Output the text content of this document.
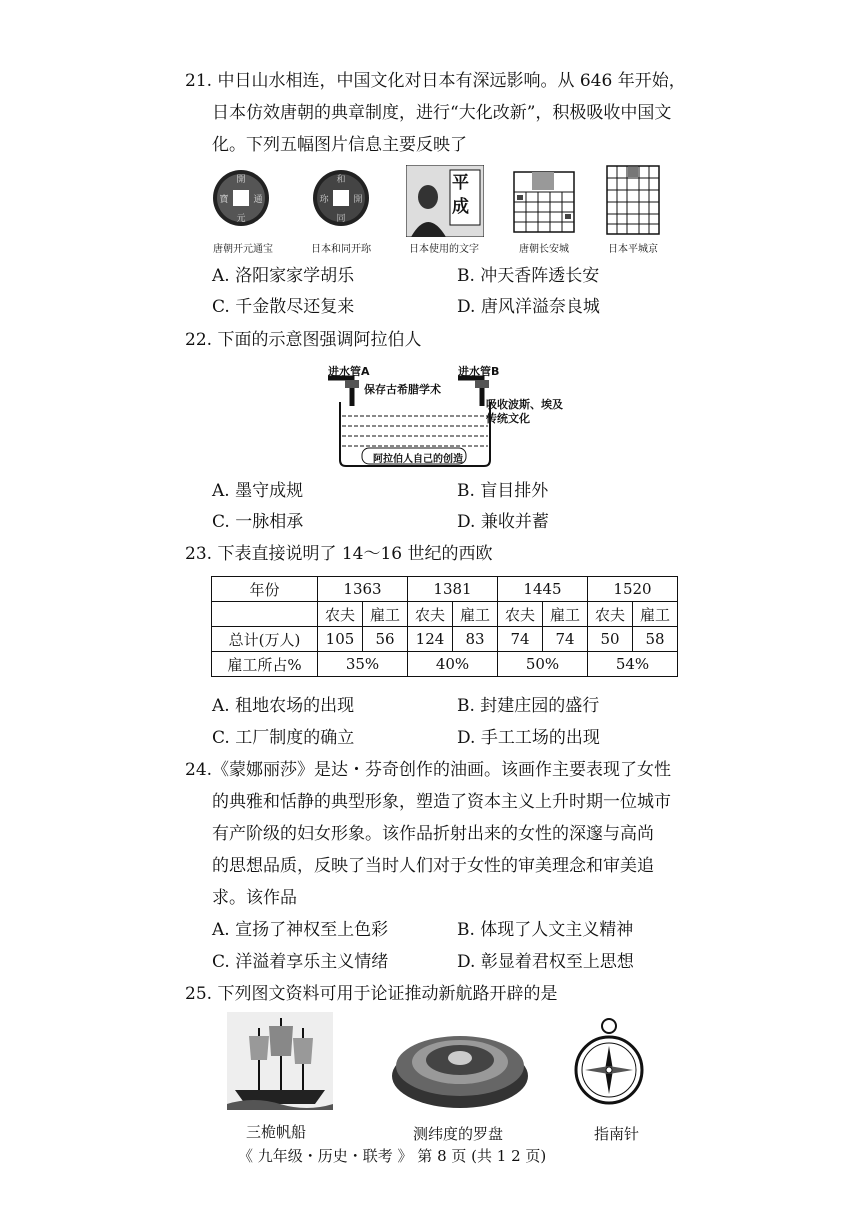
21. 中日山水相连，中国文化对日本有深远影响。从 646 年开始，
日本仿效唐朝的典章制度，进行“大化改新”，积极吸收中国文
化。下列五幅图片信息主要反映了
開
元
寶	通
唐朝开元通宝
和
同
珎	開
日本和同开珎
平
成
日本使用的文字	唐朝长安城	日本平城京
A. 洛阳家家学胡乐	B. 冲天香阵透长安
C. 千金散尽还复来	D. 唐风洋溢奈良城
22. 下面的示意图强调阿拉伯人
进水管A	进水管B
保存古希腊学术
吸收波斯、埃及
传统文化
阿拉伯人自己的创造
A. 墨守成规	B. 盲目排外
C. 一脉相承	D. 兼收并蓄
23. 下表直接说明了 14～16 世纪的西欧
年份	1363		1381		1445		1520	
	农夫	雇工	农夫	雇工	农夫	雇工	农夫	雇工
总计(万人)	105	56	124	83	74	74	50	58
雇工所占%	35%		40%		50%		54%	
A. 租地农场的出现	B. 封建庄园的盛行
C. 工厂制度的确立	D. 手工工场的出现
24.《蒙娜丽莎》是达・芬奇创作的油画。该画作主要表现了女性
的典雅和恬静的典型形象，塑造了资本主义上升时期一位城市
有产阶级的妇女形象。该作品折射出来的女性的深邃与高尚
的思想品质，反映了当时人们对于女性的审美理念和审美追
求。该作品
A. 宣扬了神权至上色彩	B. 体现了人文主义精神
C. 洋溢着享乐主义情绪	D. 彰显着君权至上思想
25. 下列图文资料可用于论证推动新航路开辟的是
三桅帆船	测纬度的罗盘	指南针
《 九年级・历史・联考 》 第 8 页 (共 1 2 页)
